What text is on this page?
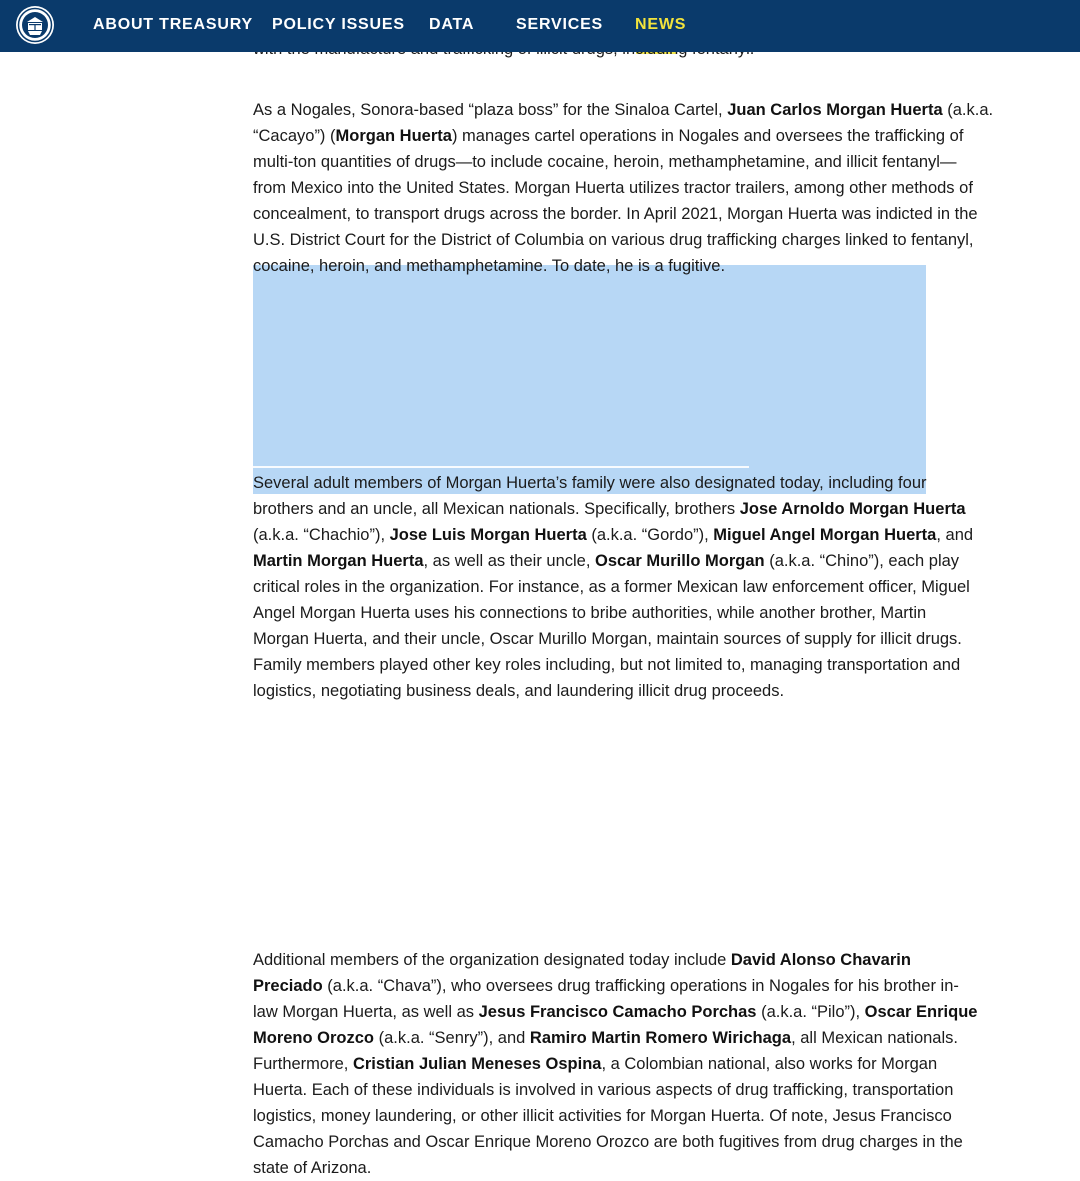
As a Nogales, Sonora-based “plaza boss” for the Sinaloa Cartel, Juan Carlos Morgan Huerta (a.k.a.
“Cacayo”) (Morgan Huerta) manages cartel operations in Nogales and oversees the trafficking of
multi-ton quantities of drugs—to include cocaine, heroin, methamphetamine, and illicit fentanyl—
from Mexico into the United States. Morgan Huerta utilizes tractor trailers, among other methods of
concealment, to transport drugs across the border. In April 2021, Morgan Huerta was indicted in the
U.S. District Court for the District of Columbia on various drug trafficking charges linked to fentanyl,
cocaine, heroin, and methamphetamine. To date, he is a fugitive.
Several adult members of Morgan Huerta’s family were also designated today, including four
brothers and an uncle, all Mexican nationals. Specifically, brothers Jose Arnoldo Morgan Huerta
(a.k.a. “Chachio”), Jose Luis Morgan Huerta (a.k.a. “Gordo”), Miguel Angel Morgan Huerta, and
Martin Morgan Huerta, as well as their uncle, Oscar Murillo Morgan (a.k.a. “Chino”), each play
critical roles in the organization. For instance, as a former Mexican law enforcement officer, Miguel
Angel Morgan Huerta uses his connections to bribe authorities, while another brother, Martin
Morgan Huerta, and their uncle, Oscar Murillo Morgan, maintain sources of supply for illicit drugs.
Family members played other key roles including, but not limited to, managing transportation and
logistics, negotiating business deals, and laundering illicit drug proceeds.
Additional members of the organization designated today include David Alonso Chavarin
Preciado (a.k.a. “Chava”), who oversees drug trafficking operations in Nogales for his brother in-
law Morgan Huerta, as well as Jesus Francisco Camacho Porchas (a.k.a. “Pilo”), Oscar Enrique
Moreno Orozco (a.k.a. “Senry”), and Ramiro Martin Romero Wirichaga, all Mexican nationals.
Furthermore, Cristian Julian Meneses Ospina, a Colombian national, also works for Morgan
Huerta. Each of these individuals is involved in various aspects of drug trafficking, transportation
logistics, money laundering, or other illicit activities for Morgan Huerta. Of note, Jesus Francisco
Camacho Porchas and Oscar Enrique Moreno Orozco are both fugitives from drug charges in the
state of Arizona.
ABOUT TREASURY POLICY ISSUES DATA	SERVICES NEWS
